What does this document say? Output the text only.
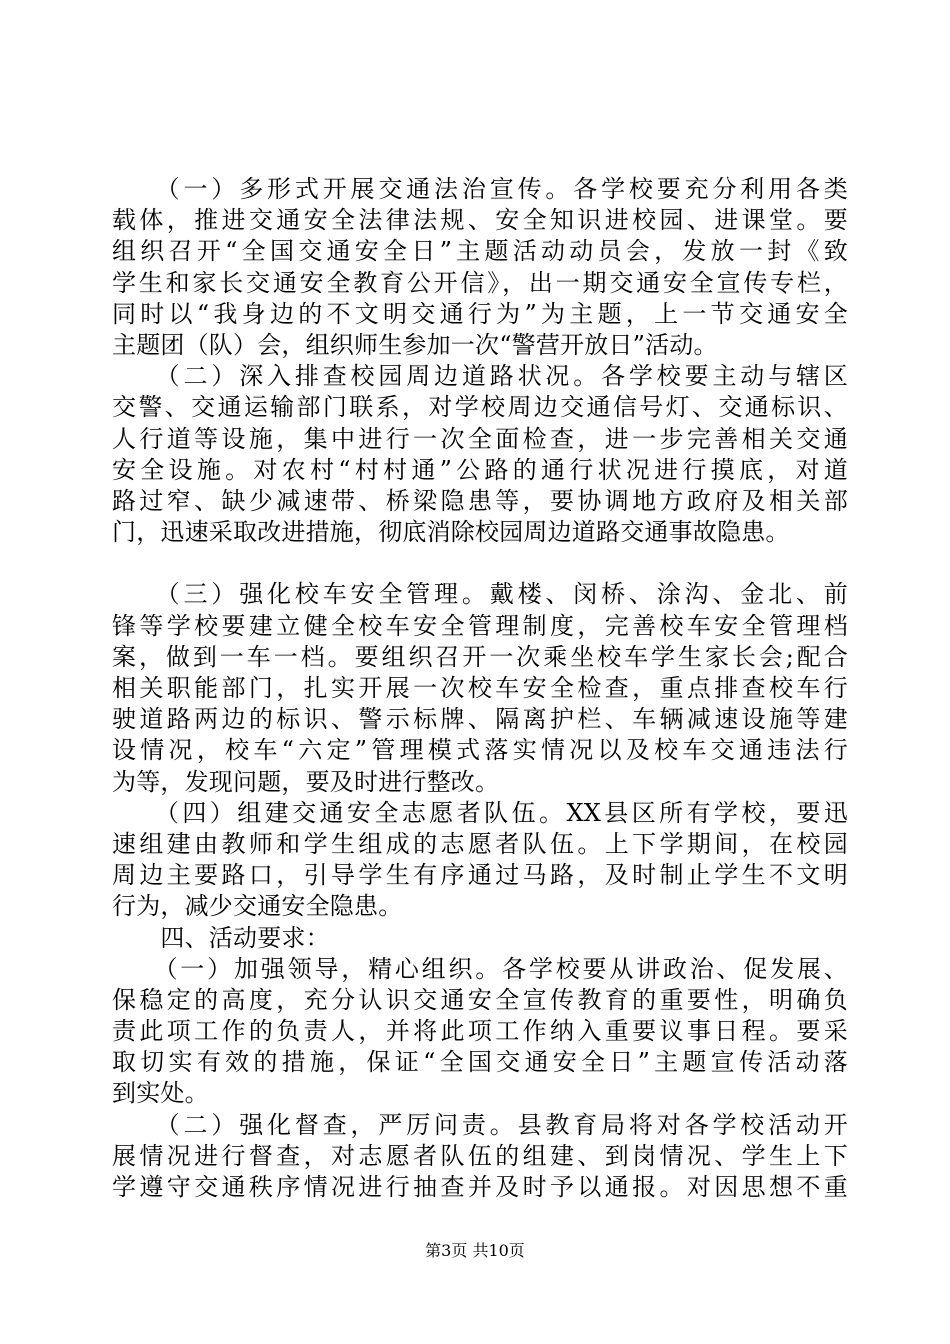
　　（一）多形式开展交通法治宣传。各学校要充分利用各类
载体，推进交通安全法律法规、安全知识进校园、进课堂。要
组织召开“全国交通安全日”主题活动动员会，发放一封《致
学生和家长交通安全教育公开信》，出一期交通安全宣传专栏，
同时以“我身边的不文明交通行为”为主题，上一节交通安全
主题团（队）会，组织师生参加一次“警营开放日”活动。
　　（二）深入排查校园周边道路状况。各学校要主动与辖区
交警、交通运输部门联系，对学校周边交通信号灯、交通标识、
人行道等设施，集中进行一次全面检查，进一步完善相关交通
安全设施。对农村“村村通”公路的通行状况进行摸底，对道
路过窄、缺少减速带、桥梁隐患等，要协调地方政府及相关部
门，迅速采取改进措施，彻底消除校园周边道路交通事故隐患。
　　（三）强化校车安全管理。戴楼、闵桥、涂沟、金北、前
锋等学校要建立健全校车安全管理制度，完善校车安全管理档
案，做到一车一档。要组织召开一次乘坐校车学生家长会;配合
相关职能部门，扎实开展一次校车安全检查，重点排查校车行
驶道路两边的标识、警示标牌、隔离护栏、车辆减速设施等建
设情况，校车“六定”管理模式落实情况以及校车交通违法行
为等，发现问题，要及时进行整改。
　　（四）组建交通安全志愿者队伍。XX县区所有学校，要迅
速组建由教师和学生组成的志愿者队伍。上下学期间，在校园
周边主要路口，引导学生有序通过马路，及时制止学生不文明
行为，减少交通安全隐患。
　　四、活动要求：
　　（一）加强领导，精心组织。各学校要从讲政治、促发展、
保稳定的高度，充分认识交通安全宣传教育的重要性，明确负
责此项工作的负责人，并将此项工作纳入重要议事日程。要采
取切实有效的措施，保证“全国交通安全日”主题宣传活动落
到实处。
　　（二）强化督查，严厉问责。县教育局将对各学校活动开
展情况进行督查，对志愿者队伍的组建、到岗情况、学生上下
学遵守交通秩序情况进行抽查并及时予以通报。对因思想不重
第3页 共10页
